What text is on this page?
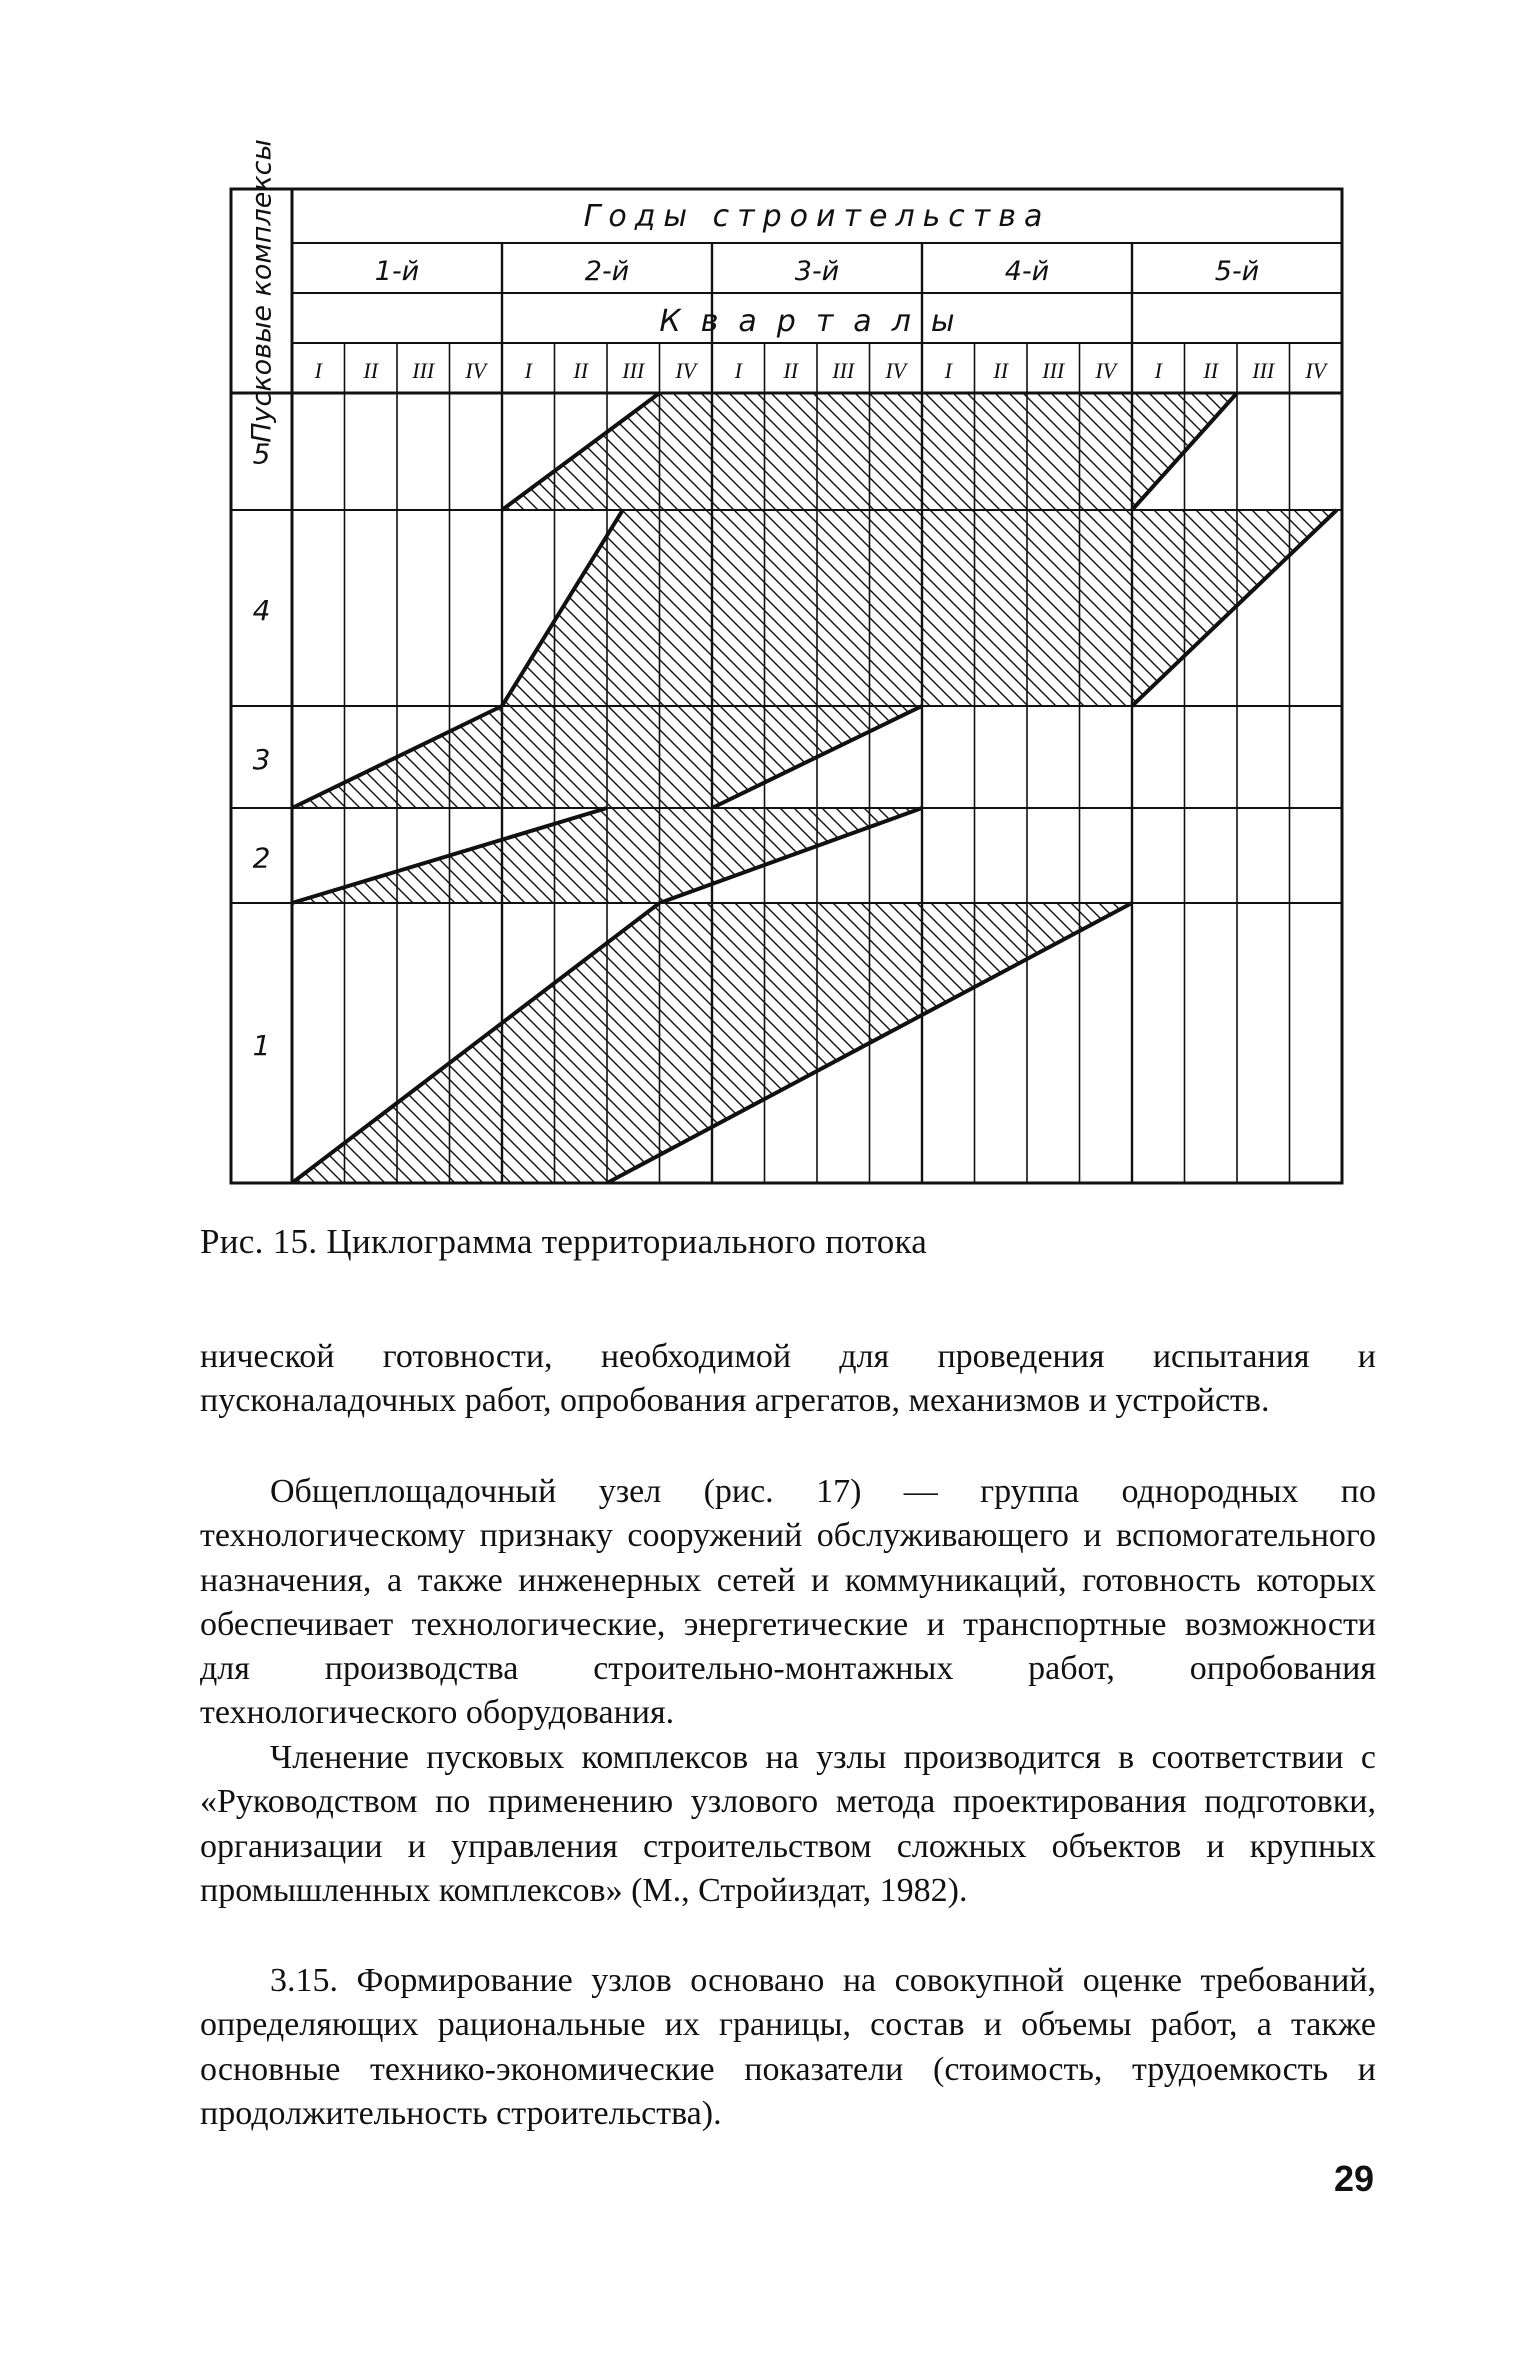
Годы строительства
1-й	2-й	3-й	4-й	5-й
Кварталы
I II III IV I II III IV I II III IV I II III IV I II III IV
Пусковые комплексы
5
4
3
2
1
Рис. 15. Циклограмма территориального потока

нической готовности, необходимой для проведения испытания и пусконаладочных работ, опробования агрегатов, механизмов и устройств.

Общеплощадочный узел (рис. 17) — группа однородных по технологическому признаку сооружений обслуживающего и вспомогательного назначения, а также инженерных сетей и коммуникаций, готовность которых обеспечивает технологические, энергетические и транспортные возможности для производства строительно-монтажных работ, опробования технологического оборудования.

Членение пусковых комплексов на узлы производится в соответствии с «Руководством по применению узлового метода проектирования подготовки, организации и управления строительством сложных объектов и крупных промышленных комплексов» (М., Стройиздат, 1982).

3.15. Формирование узлов основано на совокупной оценке требований, определяющих рациональные их границы, состав и объемы работ, а также основные технико-экономические показатели (стоимость, трудоемкость и продолжительность строительства).

29
